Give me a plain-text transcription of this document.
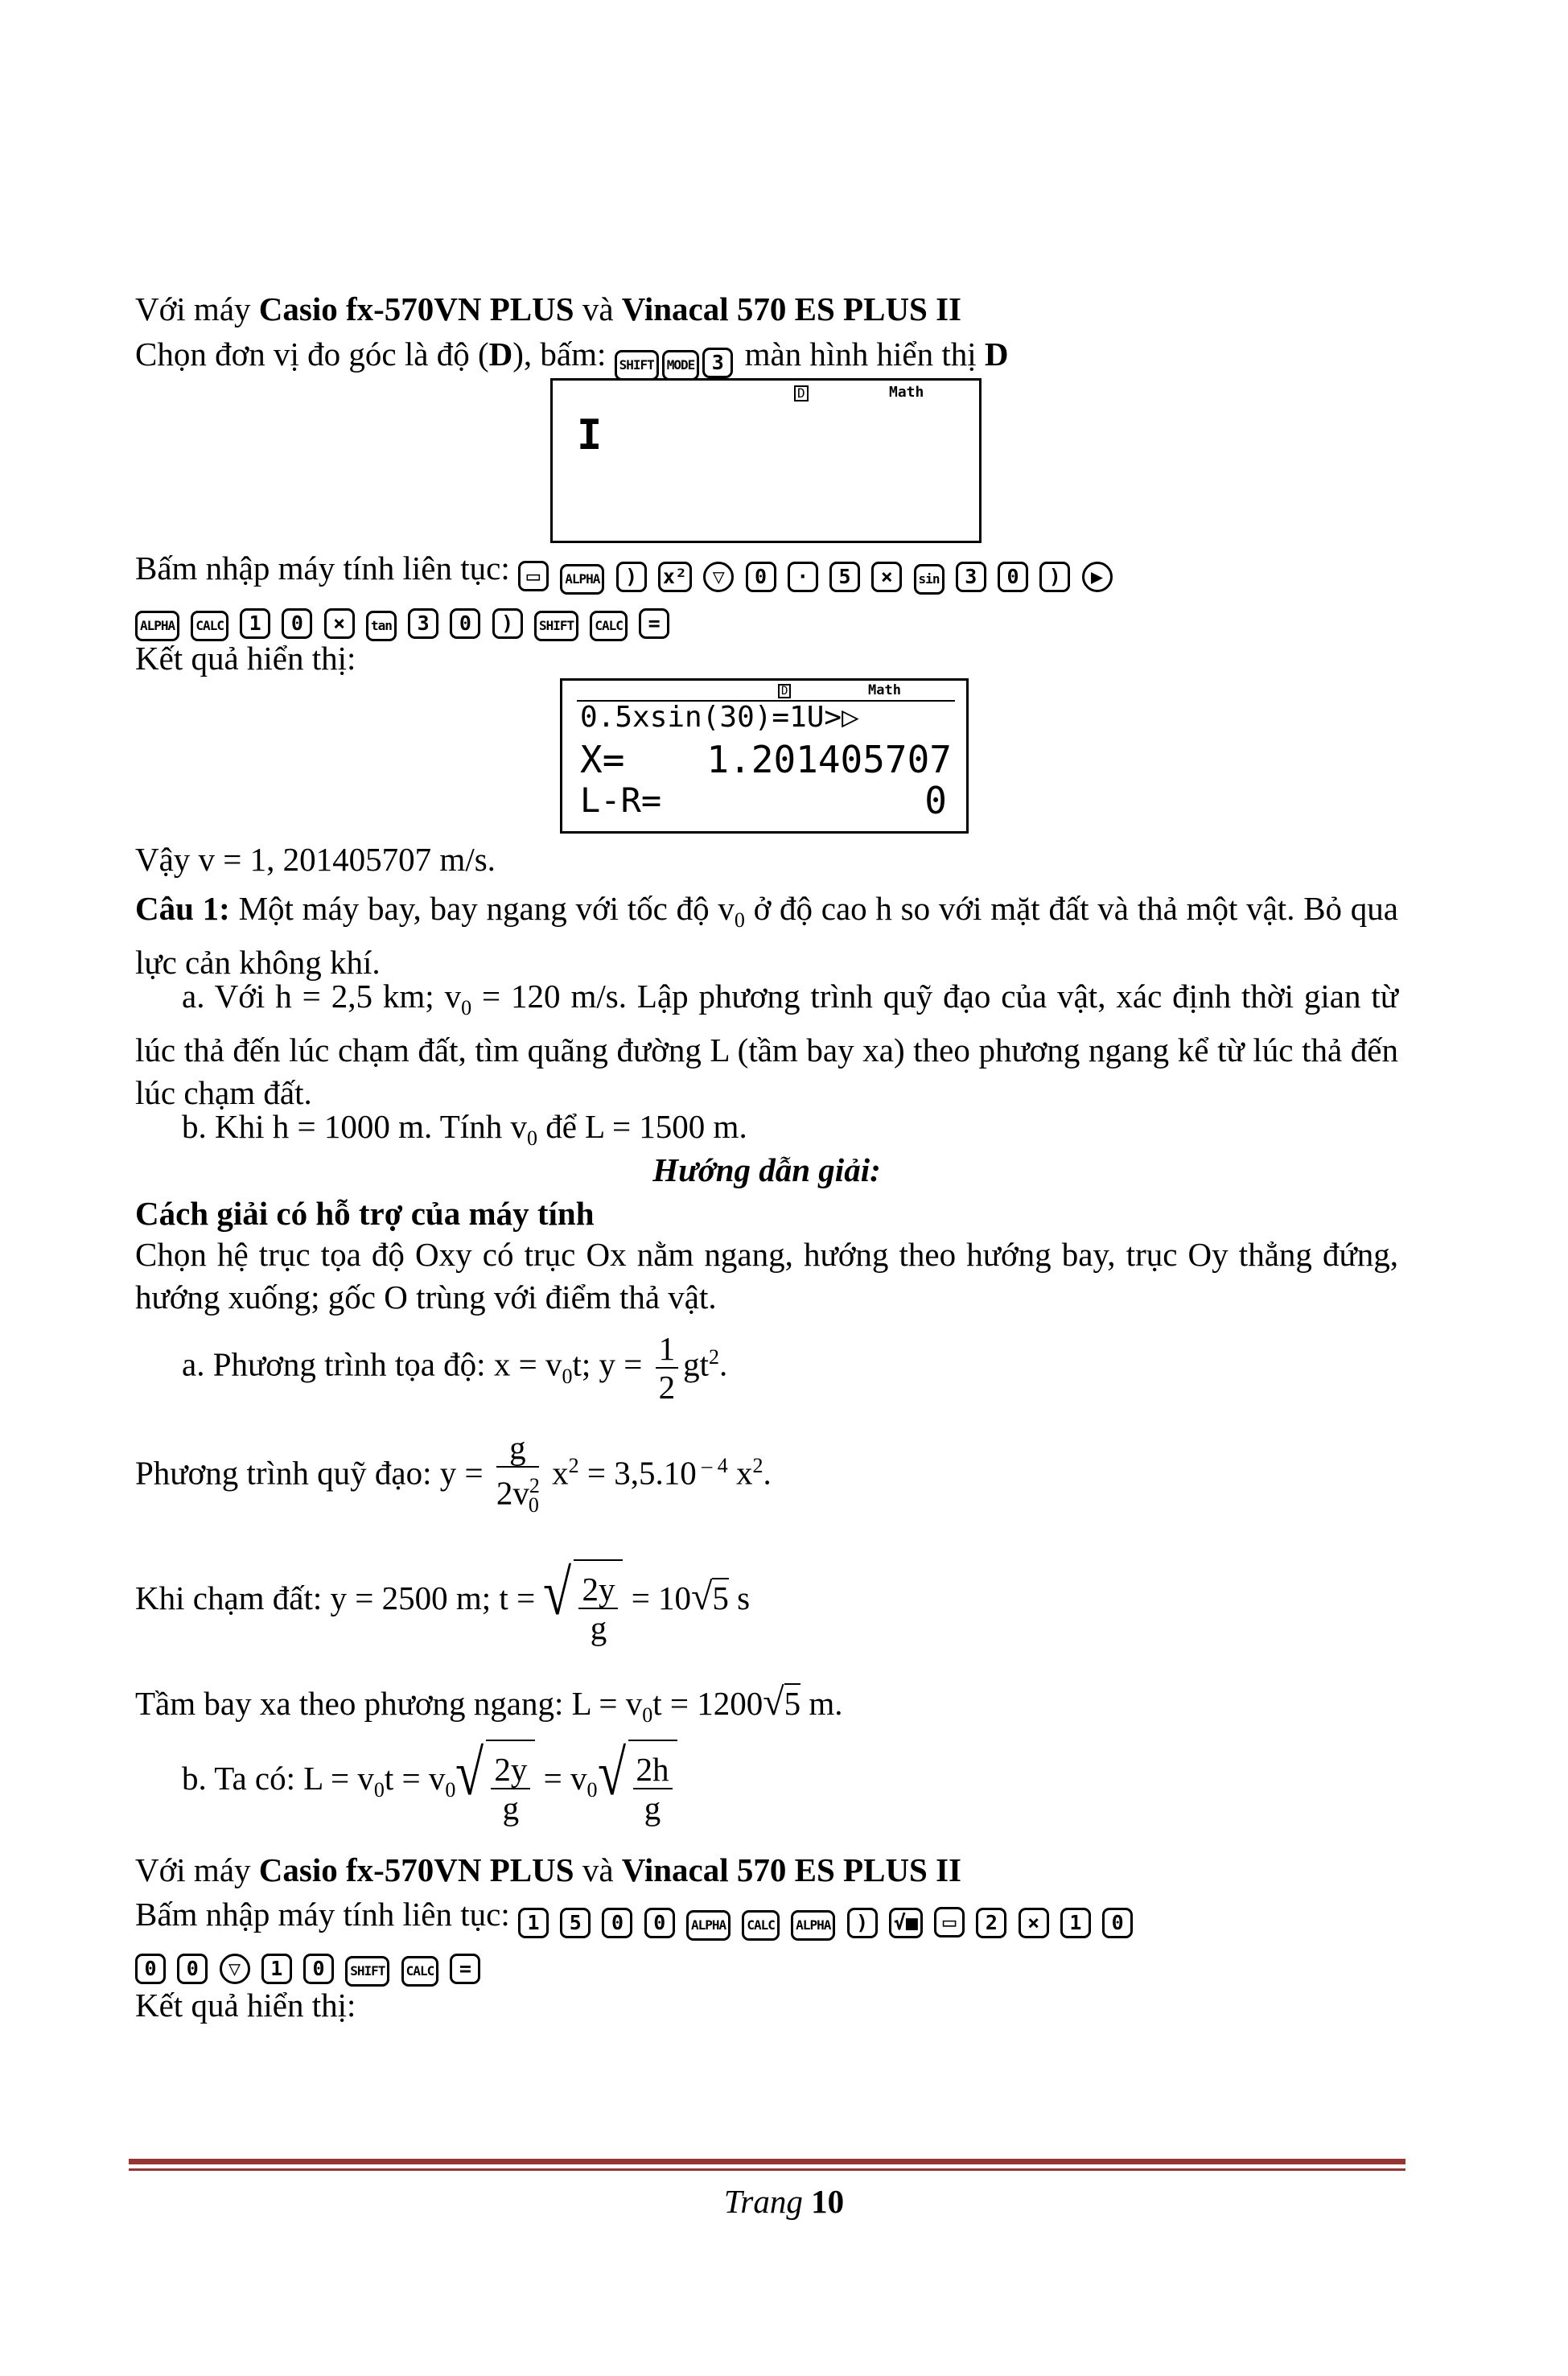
Với máy Casio fx-570VN PLUS và Vinacal 570 ES PLUS II
Chọn đơn vị đo góc là độ (D), bấm: SHIFT MODE 3 màn hình hiển thị D
D	Math
I
Bấm nhập máy tính liên tục: ▭ ALPHA ) x² ▽ 0 · 5 × sin 3 0 ) ▶
ALPHA CALC 1 0 × tan 3 0 ) SHIFT CALC =
Kết quả hiển thị:
D	Math
0.5xsin(30)=1U>▷
X= 1.201405707
L-R=	0
Vậy v = 1, 201405707 m/s.
Câu 1: Một máy bay, bay ngang với tốc độ $v_0$ ở độ cao h so với mặt đất và thả một vật. Bỏ qua lực cản không khí.
a. Với h = 2,5 km; $v_0 = 120$ m/s. Lập phương trình quỹ đạo của vật, xác định thời gian từ lúc thả đến lúc chạm đất, tìm quãng đường L (tầm bay xa) theo phương ngang kể từ lúc thả đến lúc chạm đất.
b. Khi h = 1000 m. Tính $v_0$ để L = 1500 m.
Hướng dẫn giải:
Cách giải có hỗ trợ của máy tính
Chọn hệ trục tọa độ Oxy có trục Ox nằm ngang, hướng theo hướng bay, trục Oy thẳng đứng, hướng xuống; gốc O trùng với điểm thả vật.
a. Phương trình tọa độ: $x = v_0t$; $y = \frac{1}{2} gt^2$.
Phương trình quỹ đạo: $y = \frac{g}{2v^2_0} x^2 = 3,5.10$ $^{- 4}$ $x^2$.
Khi chạm đất: y = 2500 m; t = √ $\frac{2y}{g} = 10√5$ s
Tầm bay xa theo phương ngang: $L = v_0t = 1200√5$ m.
b. Ta có: $L = v_0t = v_0$ √ $\frac{2y}{g} = v_0$ √ $\frac{2h}{g}$
Với máy Casio fx-570VN PLUS và Vinacal 570 ES PLUS II
Bấm nhập máy tính liên tục: 1 5 0 0 ALPHA CALC ALPHA ) √■ ▭ 2 × 1 0
0 0 ▽ 1 0 SHIFT CALC =
Kết quả hiển thị:
Trang 10
